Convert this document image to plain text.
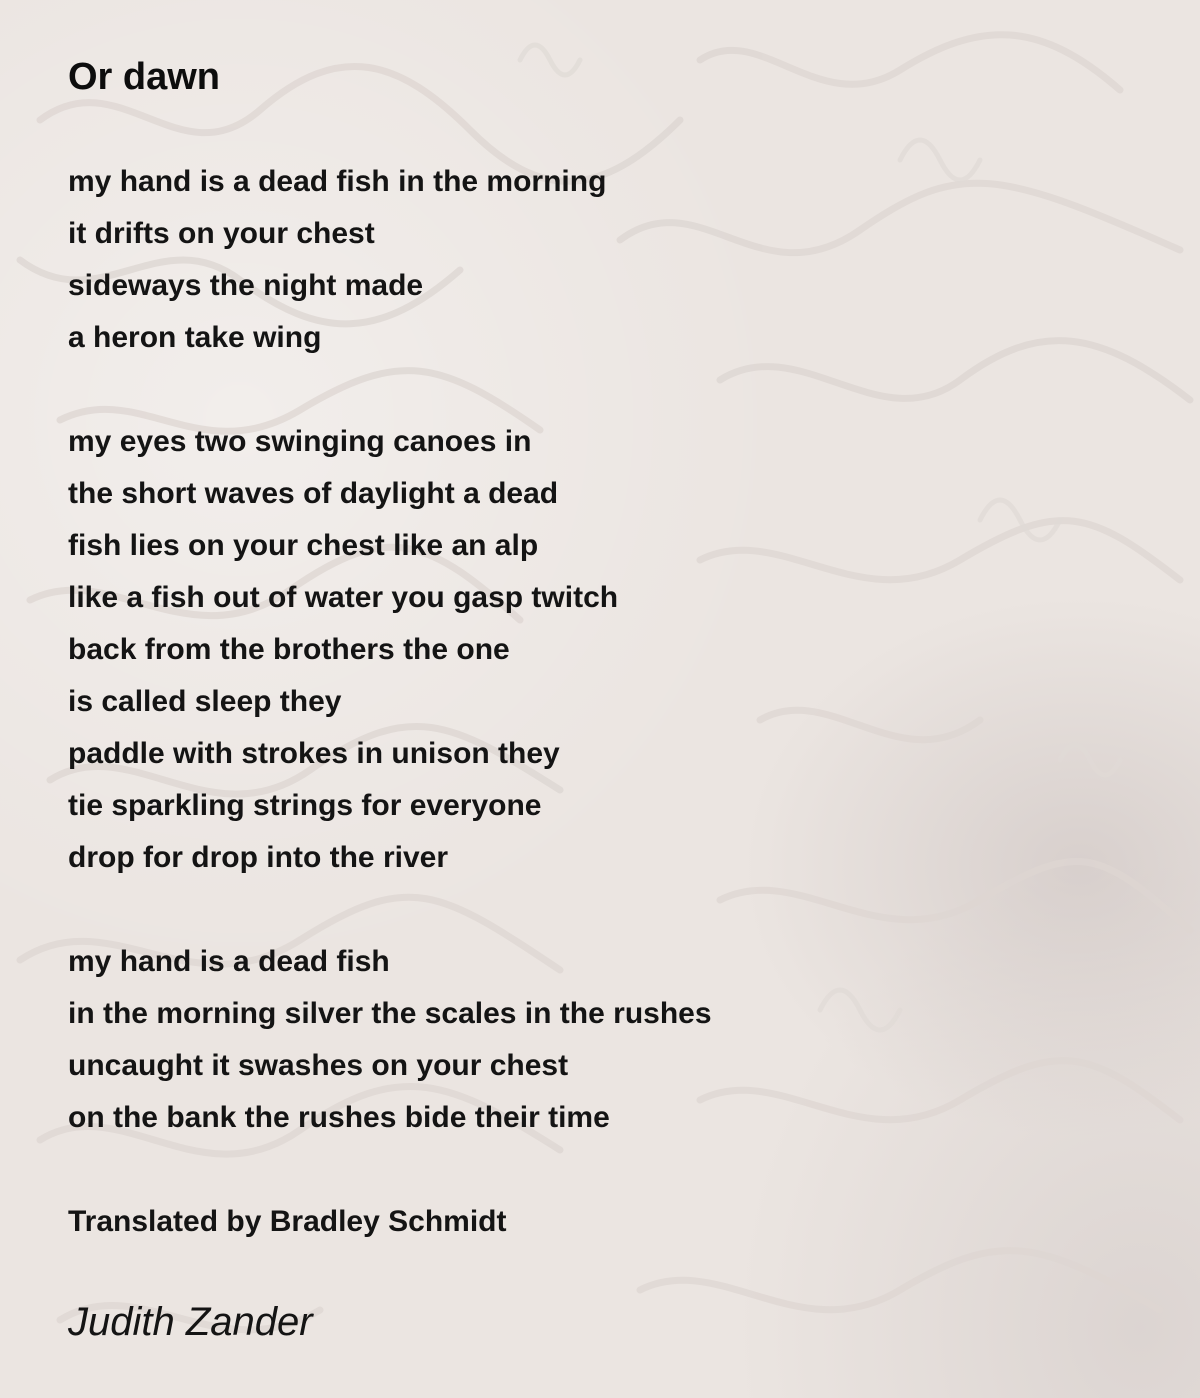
Or dawn
my hand is a dead fish in the morning
it drifts on your chest
sideways the night made
a heron take wing
my eyes two swinging canoes in
the short waves of daylight a dead
fish lies on your chest like an alp
like a fish out of water you gasp twitch
back from the brothers the one
is called sleep they
paddle with strokes in unison they
tie sparkling strings for everyone
drop for drop into the river
my hand is a dead fish
in the morning silver the scales in the rushes
uncaught it swashes on your chest
on the bank the rushes bide their time
Translated by Bradley Schmidt
Judith Zander
